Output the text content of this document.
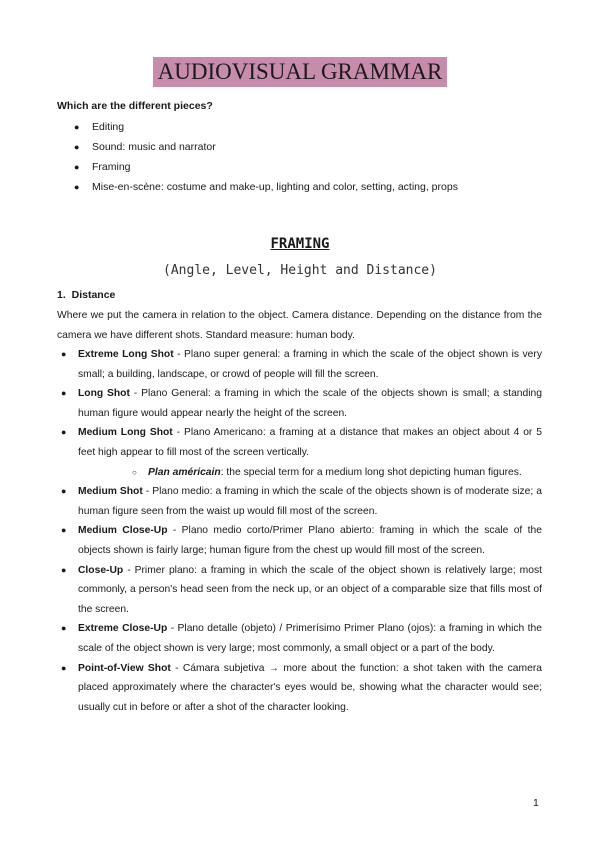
AUDIOVISUAL GRAMMAR
Which are the different pieces?
● Editing
● Sound: music and narrator
● Framing
● Mise-en-scène: costume and make-up, lighting and color, setting, acting, props
FRAMING
(Angle, Level, Height and Distance)
1. Distance
Where we put the camera in relation to the object. Camera distance. Depending on the distance from the camera we have different shots. Standard measure: human body.
● Extreme Long Shot - Plano super general: a framing in which the scale of the object shown is very small; a building, landscape, or crowd of people will fill the screen.
● Long Shot - Plano General: a framing in which the scale of the objects shown is small; a standing human figure would appear nearly the height of the screen.
● Medium Long Shot - Plano Americano: a framing at a distance that makes an object about 4 or 5 feet high appear to fill most of the screen vertically.
○ Plan américain: the special term for a medium long shot depicting human figures.
● Medium Shot - Plano medio: a framing in which the scale of the objects shown is of moderate size; a human figure seen from the waist up would fill most of the screen.
● Medium Close-Up - Plano medio corto/Primer Plano abierto: framing in which the scale of the objects shown is fairly large; human figure from the chest up would fill most of the screen.
● Close-Up - Primer plano: a framing in which the scale of the object shown is relatively large; most commonly, a person's head seen from the neck up, or an object of a comparable size that fills most of the screen.
● Extreme Close-Up - Plano detalle (objeto) / Primerísimo Primer Plano (ojos): a framing in which the scale of the object shown is very large; most commonly, a small object or a part of the body.
● Point-of-View Shot - Cámara subjetiva → more about the function: a shot taken with the camera placed approximately where the character's eyes would be, showing what the character would see; usually cut in before or after a shot of the character looking.
1
